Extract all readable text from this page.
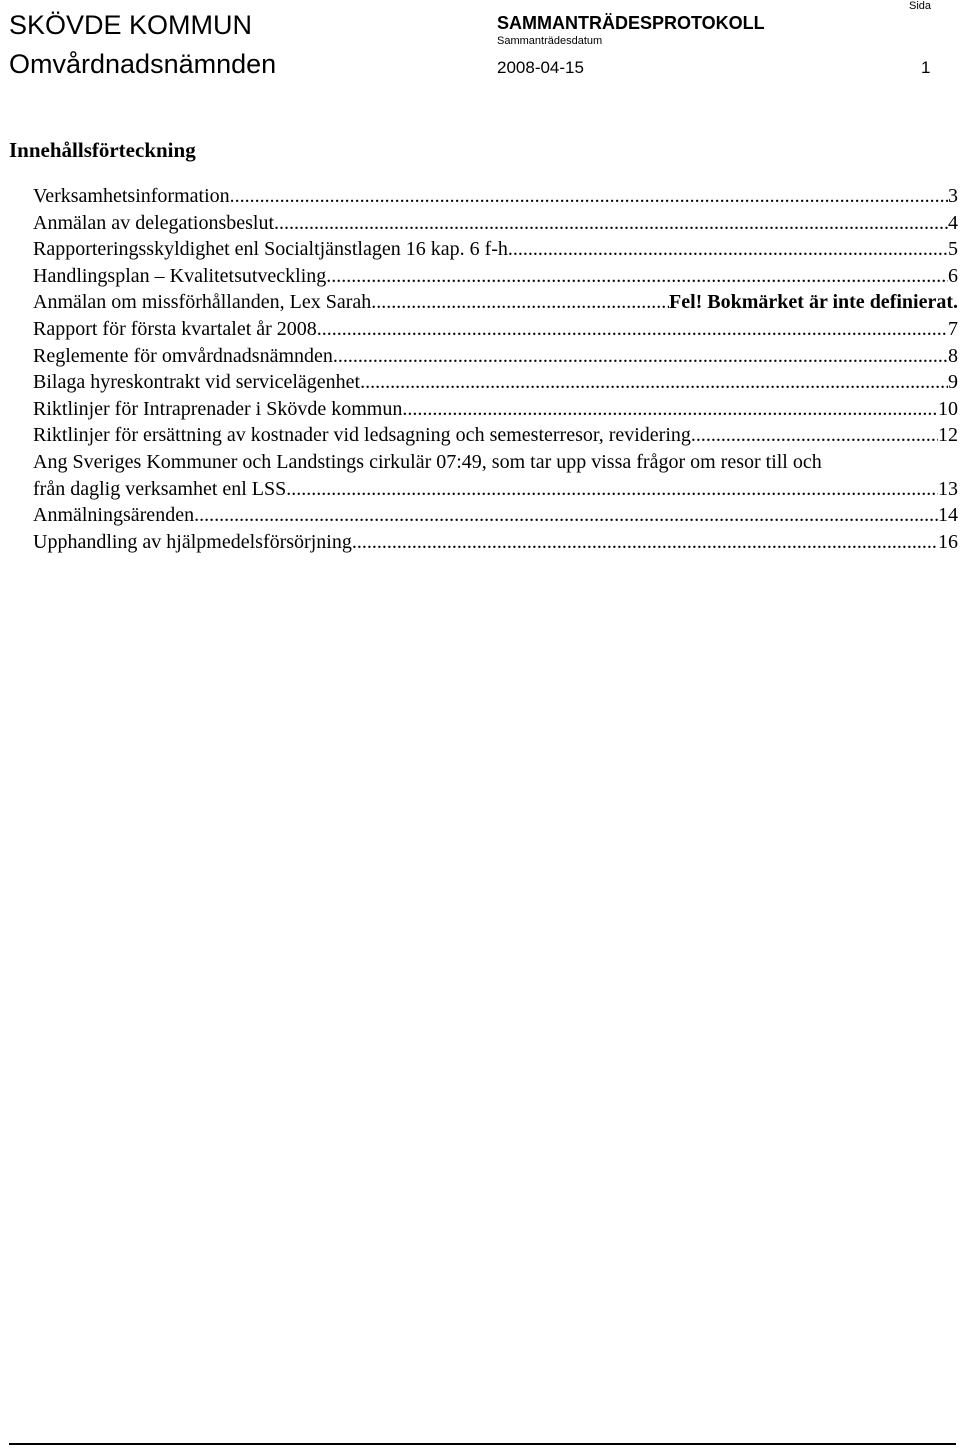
SKÖVDE KOMMUN
Omvårdnadsnämnden
SAMMANTRÄDESPROTOKOLL
Sammanträdesdatum
2008-04-15
Sida
1
Innehållsförteckning
Verksamhetsinformation .....	3
Anmälan av delegationsbeslut .....	4
Rapporteringsskyldighet enl Socialtjänstlagen 16 kap. 6 f-h .....	5
Handlingsplan – Kvalitetsutveckling .....	6
Anmälan om missförhållanden, Lex Sarah .....	Fel! Bokmärket är inte definierat.
Rapport för första kvartalet år 2008 .....	7
Reglemente för omvårdnadsnämnden .....	8
Bilaga hyreskontrakt vid servicelägenhet .....	9
Riktlinjer för Intraprenader i Skövde kommun .....	10
Riktlinjer för ersättning av kostnader vid ledsagning och semesterresor, revidering .....	12
Ang Sveriges Kommuner och Landstings cirkulär 07:49, som tar upp vissa frågor om resor till och
från daglig verksamhet enl LSS .....	13
Anmälningsärenden .....	14
Upphandling av hjälpmedelsförsörjning .....	16
